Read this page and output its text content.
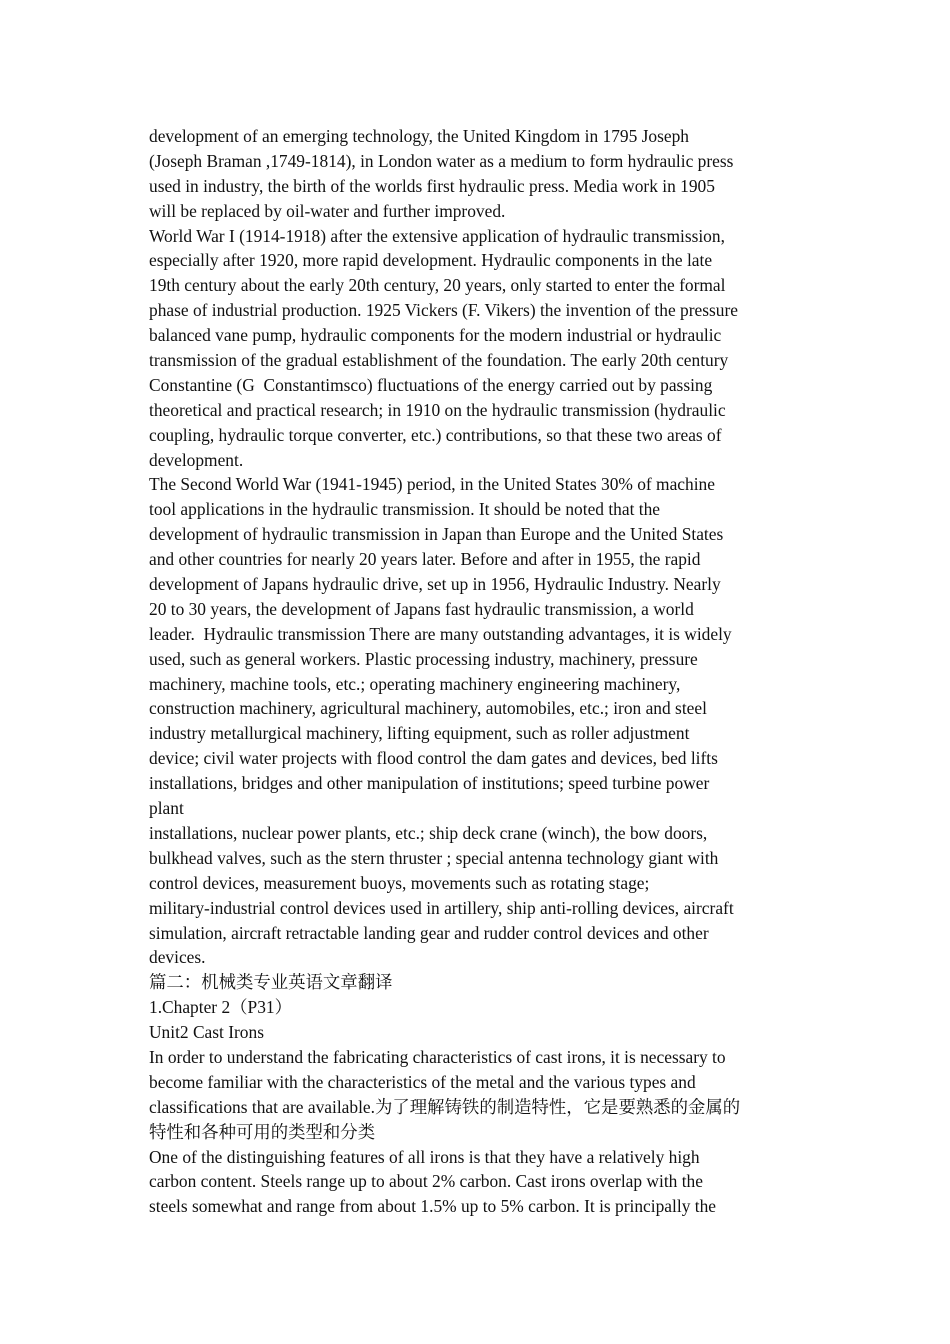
development of an emerging technology, the United Kingdom in 1795 Joseph
(Joseph Braman ,1749-1814), in London water as a medium to form hydraulic press
used in industry, the birth of the worlds first hydraulic press. Media work in 1905
will be replaced by oil-water and further improved.
World War I (1914-1918) after the extensive application of hydraulic transmission,
especially after 1920, more rapid development. Hydraulic components in the late
19th century about the early 20th century, 20 years, only started to enter the formal
phase of industrial production. 1925 Vickers (F. Vikers) the invention of the pressure
balanced vane pump, hydraulic components for the modern industrial or hydraulic
transmission of the gradual establishment of the foundation. The early 20th century
Constantine (G  Constantimsco) fluctuations of the energy carried out by passing
theoretical and practical research; in 1910 on the hydraulic transmission (hydraulic
coupling, hydraulic torque converter, etc.) contributions, so that these two areas of
development.
The Second World War (1941-1945) period, in the United States 30% of machine
tool applications in the hydraulic transmission. It should be noted that the
development of hydraulic transmission in Japan than Europe and the United States
and other countries for nearly 20 years later. Before and after in 1955, the rapid
development of Japans hydraulic drive, set up in 1956, Hydraulic Industry. Nearly
20 to 30 years, the development of Japans fast hydraulic transmission, a world
leader.  Hydraulic transmission There are many outstanding advantages, it is widely
used, such as general workers. Plastic processing industry, machinery, pressure
machinery, machine tools, etc.; operating machinery engineering machinery,
construction machinery, agricultural machinery, automobiles, etc.; iron and steel
industry metallurgical machinery, lifting equipment, such as roller adjustment
device; civil water projects with flood control the dam gates and devices, bed lifts
installations, bridges and other manipulation of institutions; speed turbine power
plant
installations, nuclear power plants, etc.; ship deck crane (winch), the bow doors,
bulkhead valves, such as the stern thruster ; special antenna technology giant with
control devices, measurement buoys, movements such as rotating stage;
military-industrial control devices used in artillery, ship anti-rolling devices, aircraft
simulation, aircraft retractable landing gear and rudder control devices and other
devices.
篇二：机械类专业英语文章翻译
1.Chapter 2（P31）
Unit2 Cast Irons
In order to understand the fabricating characteristics of cast irons, it is necessary to
become familiar with the characteristics of the metal and the various types and
classifications that are available.为了理解铸铁的制造特性，它是要熟悉的金属的
特性和各种可用的类型和分类
One of the distinguishing features of all irons is that they have a relatively high
carbon content. Steels range up to about 2% carbon. Cast irons overlap with the
steels somewhat and range from about 1.5% up to 5% carbon. It is principally the
